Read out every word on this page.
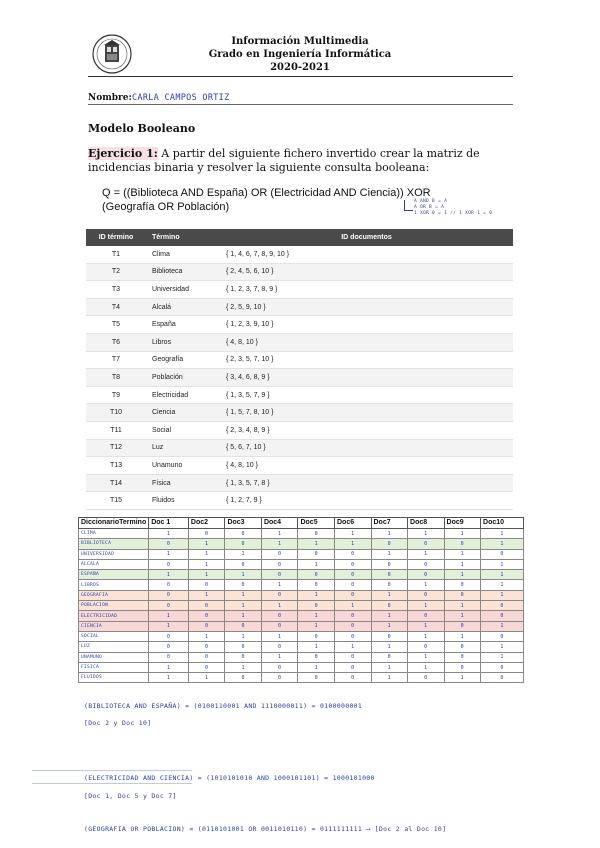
Información Multimedia
Grado en Ingeniería Informática
2020-2021
Nombre: CARLA CAMPOS ORTIZ
Modelo Booleano
Ejercicio 1: A partir del siguiente fichero invertido crear la matriz de incidencias binaria y resolver la siguiente consulta booleana:
Q = ((Biblioteca AND España) OR (Electricidad AND Ciencia)) XOR (Geografía OR Población)	A AND B = A
A OR B = A
1 XOR 0 = 1 // 1 XOR 1 = 0
ID término	Término	ID documentos
T1	Clima	{ 1, 4, 6, 7, 8, 9, 10 }
T2	Biblioteca	{ 2, 4, 5, 6, 10 }
T3	Universidad	{ 1, 2, 3, 7, 8, 9 }
T4	Alcalá	{ 2, 5, 9, 10 }
T5	España	{ 1, 2, 3, 9, 10 }
T6	Libros	{ 4, 8, 10 }
T7	Geografía	{ 2, 3, 5, 7, 10 }
T8	Población	{ 3, 4, 6, 8, 9 }
T9	Electricidad	{ 1, 3, 5, 7, 9 }
T10	Ciencia	{ 1, 5, 7, 8, 10 }
T11	Social	{ 2, 3, 4, 8, 9 }
T12	Luz	{ 5, 6, 7, 10 }
T13	Unamuno	{ 4, 8, 10 }
T14	Física	{ 1, 3, 5, 7, 8 }
T15	Fluidos	{ 1, 2, 7, 9 }
DiccionarioTermino	Doc 1	Doc2	Doc3	Doc4	Doc5	Doc6	Doc7	Doc8	Doc9	Doc10
CLIMA	1	0	0	1	0	1	1	1	1	1
BIBLIOTECA	0	1	0	1	1	1	0	0	0	1
UNIVERSIDAD	1	1	1	0	0	0	1	1	1	0
ALCALA	0	1	0	0	1	0	0	0	1	1
ESPAÑA	1	1	1	0	0	0	0	0	1	1
LIBROS	0	0	0	1	0	0	0	1	0	1
GEOGRAFIA	0	1	1	0	1	0	1	0	0	1
POBLACION	0	0	1	1	0	1	0	1	1	0
ELECTRICIDAD	1	0	1	0	1	0	1	0	1	0
CIENCIA	1	0	0	0	1	0	1	1	0	1
SOCIAL	0	1	1	1	0	0	0	1	1	0
LUZ	0	0	0	0	1	1	1	0	0	1
UNAMUNO	0	0	0	1	0	0	0	1	0	1
FISICA	1	0	1	0	1	0	1	1	0	0
FLUIDOS	1	1	0	0	0	0	1	0	1	0
(BIBLIOTECA AND ESPAÑA) = (0100110001 AND 1110000011) = 0100000001
[Doc 2 y Doc 10]
(ELECTRICIDAD AND CIENCIA) = (1010101010 AND 1000101101) = 1000101000
[Doc 1, Doc 5 y Doc 7]
(GEOGRAFIA OR POBLACION) = (0110101001 OR 0011010110) = 0111111111 ⟶ [Doc 2 al Doc 10]
